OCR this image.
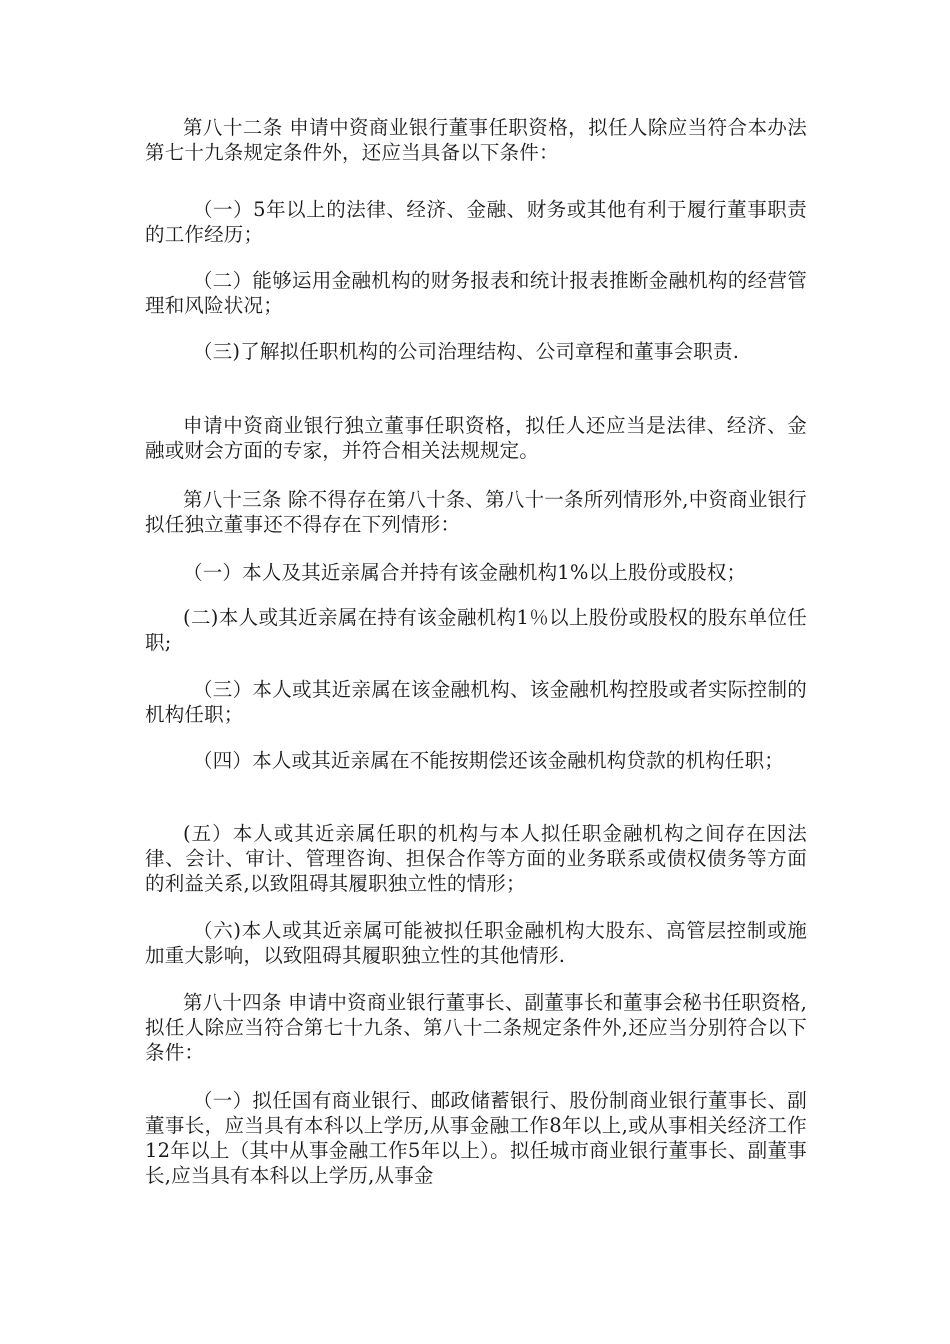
第八十二条 申请中资商业银行董事任职资格，拟任人除应当符合本办法第七十九条规定条件外，还应当具备以下条件：

（一）5年以上的法律、经济、金融、财务或其他有利于履行董事职责的工作经历；

（二）能够运用金融机构的财务报表和统计报表推断金融机构的经营管理和风险状况；

（三)了解拟任职机构的公司治理结构、公司章程和董事会职责.

申请中资商业银行独立董事任职资格，拟任人还应当是法律、经济、金融或财会方面的专家，并符合相关法规规定。

第八十三条 除不得存在第八十条、第八十一条所列情形外,中资商业银行拟任独立董事还不得存在下列情形：

（一）本人及其近亲属合并持有该金融机构1%以上股份或股权；

(二)本人或其近亲属在持有该金融机构1％以上股份或股权的股东单位任职;

（三）本人或其近亲属在该金融机构、该金融机构控股或者实际控制的机构任职；

（四）本人或其近亲属在不能按期偿还该金融机构贷款的机构任职；

(五）本人或其近亲属任职的机构与本人拟任职金融机构之间存在因法律、会计、审计、管理咨询、担保合作等方面的业务联系或债权债务等方面的利益关系,以致阻碍其履职独立性的情形；

（六)本人或其近亲属可能被拟任职金融机构大股东、高管层控制或施加重大影响，以致阻碍其履职独立性的其他情形.

第八十四条 申请中资商业银行董事长、副董事长和董事会秘书任职资格,拟任人除应当符合第七十九条、第八十二条规定条件外,还应当分别符合以下条件：

（一）拟任国有商业银行、邮政储蓄银行、股份制商业银行董事长、副董事长，应当具有本科以上学历,从事金融工作8年以上,或从事相关经济工作12年以上（其中从事金融工作5年以上）。拟任城市商业银行董事长、副董事长,应当具有本科以上学历,从事金
